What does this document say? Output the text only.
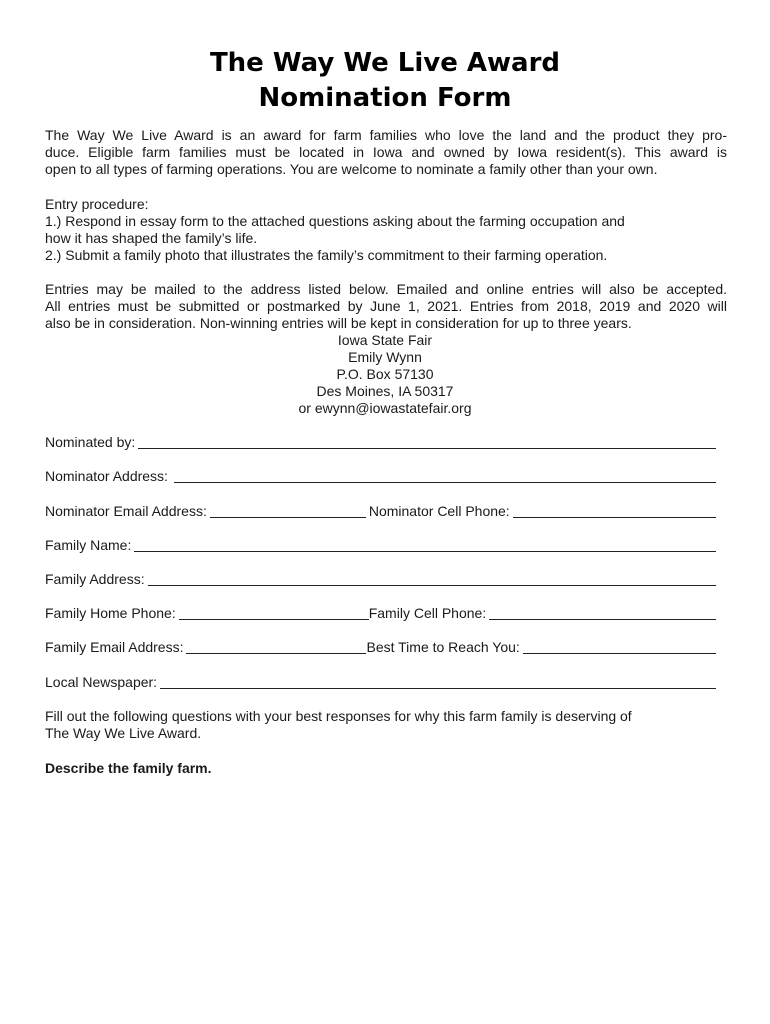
The Way We Live Award
Nomination Form
The Way We Live Award is an award for farm families who love the land and the product they pro-
duce. Eligible farm families must be located in Iowa and owned by Iowa resident(s). This award is
open to all types of farming operations. You are welcome to nominate a family other than your own.
Entry procedure:
1.) Respond in essay form to the attached questions asking about the farming occupation and
how it has shaped the family’s life.
2.) Submit a family photo that illustrates the family’s commitment to their farming operation.
Entries may be mailed to the address listed below. Emailed and online entries will also be accepted.
All entries must be submitted or postmarked by June 1, 2021. Entries from 2018, 2019 and 2020 will
also be in consideration. Non-winning entries will be kept in consideration for up to three years.
Iowa State Fair
Emily Wynn
P.O. Box 57130
Des Moines, IA 50317
or ewynn@iowastatefair.org
Nominated by:
Nominator Address:
Nominator Email Address:	Nominator Cell Phone:
Family Name:
Family Address:
Family Home Phone:	Family Cell Phone:
Family Email Address:	Best Time to Reach You:
Local Newspaper:
Fill out the following questions with your best responses for why this farm family is deserving of
The Way We Live Award.
Describe the family farm.
